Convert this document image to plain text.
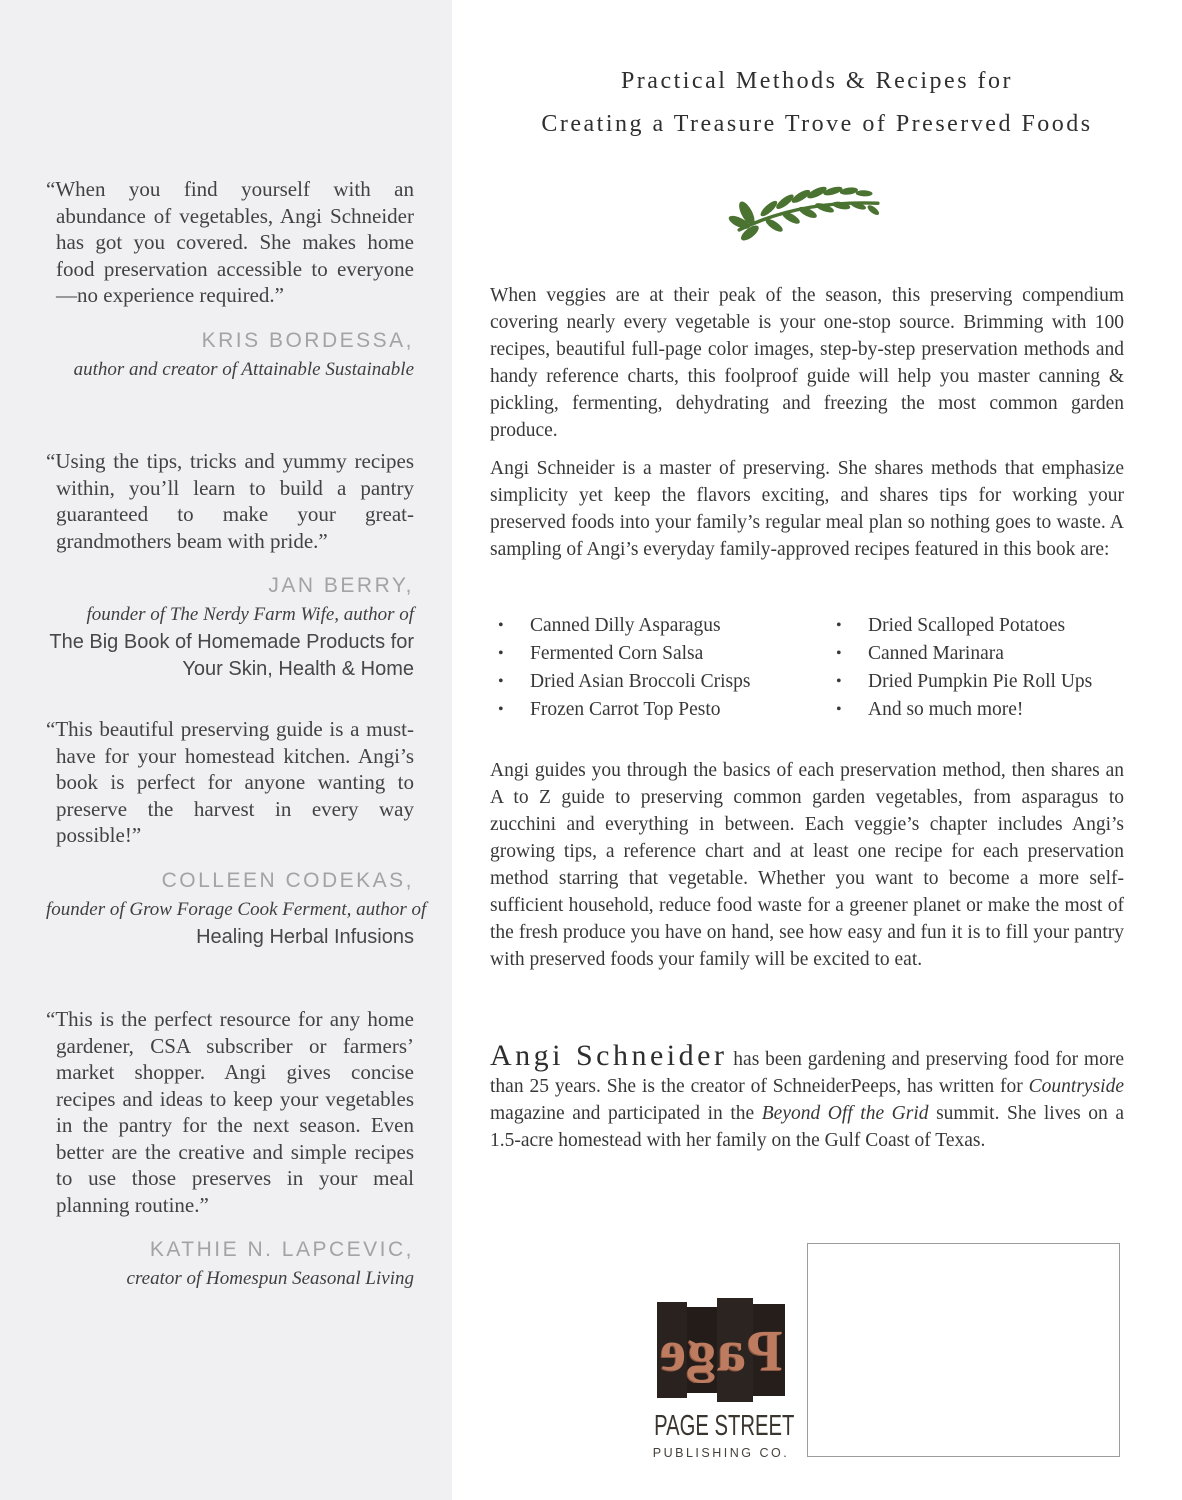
“When you find yourself with an abundance of vegetables, Angi Schneider has got you covered. She makes home food preservation accessible to everyone—no experience required.”
KRIS BORDESSA,
author and creator of Attainable Sustainable
“Using the tips, tricks and yummy recipes within, you’ll learn to build a pantry guaranteed to make your great-grandmothers beam with pride.”
JAN BERRY,
founder of The Nerdy Farm Wife, author of
The Big Book of Homemade Products for Your Skin, Health & Home
“This beautiful preserving guide is a must-have for your homestead kitchen. Angi’s book is perfect for anyone wanting to preserve the harvest in every way possible!”
COLLEEN CODEKAS,
founder of Grow Forage Cook Ferment, author of
Healing Herbal Infusions
“This is the perfect resource for any home gardener, CSA subscriber or farmers’ market shopper. Angi gives concise recipes and ideas to keep your vegetables in the pantry for the next season. Even better are the creative and simple recipes to use those preserves in your meal planning routine.”
KATHIE N. LAPCEVIC,
creator of Homespun Seasonal Living
Practical Methods & Recipes for
Creating a Treasure Trove of Preserved Foods
When veggies are at their peak of the season, this preserving compendium covering nearly every vegetable is your one-stop source. Brimming with 100 recipes, beautiful full-page color images, step-by-step preservation methods and handy reference charts, this foolproof guide will help you master canning & pickling, fermenting, dehydrating and freezing the most common garden produce.
Angi Schneider is a master of preserving. She shares methods that emphasize simplicity yet keep the flavors exciting, and shares tips for working your preserved foods into your family’s regular meal plan so nothing goes to waste. A sampling of Angi’s everyday family-approved recipes featured in this book are:
•	Canned Dilly Asparagus
•	Fermented Corn Salsa
•	Dried Asian Broccoli Crisps
•	Frozen Carrot Top Pesto
•	Dried Scalloped Potatoes
•	Canned Marinara
•	Dried Pumpkin Pie Roll Ups
•	And so much more!
Angi guides you through the basics of each preservation method, then shares an A to Z guide to preserving common garden vegetables, from asparagus to zucchini and everything in between. Each veggie’s chapter includes Angi’s growing tips, a reference chart and at least one recipe for each preservation method starring that vegetable. Whether you want to become a more self-sufficient household, reduce food waste for a greener planet or make the most of the fresh produce you have on hand, see how easy and fun it is to fill your pantry with preserved foods your family will be excited to eat.
Angi Schneider has been gardening and preserving food for more than 25 years. She is the creator of SchneiderPeeps, has written for Countryside magazine and participated in the Beyond Off the Grid summit. She lives on a 1.5-acre homestead with her family on the Gulf Coast of Texas.
Page
PAGE STREET
PUBLISHING CO.
